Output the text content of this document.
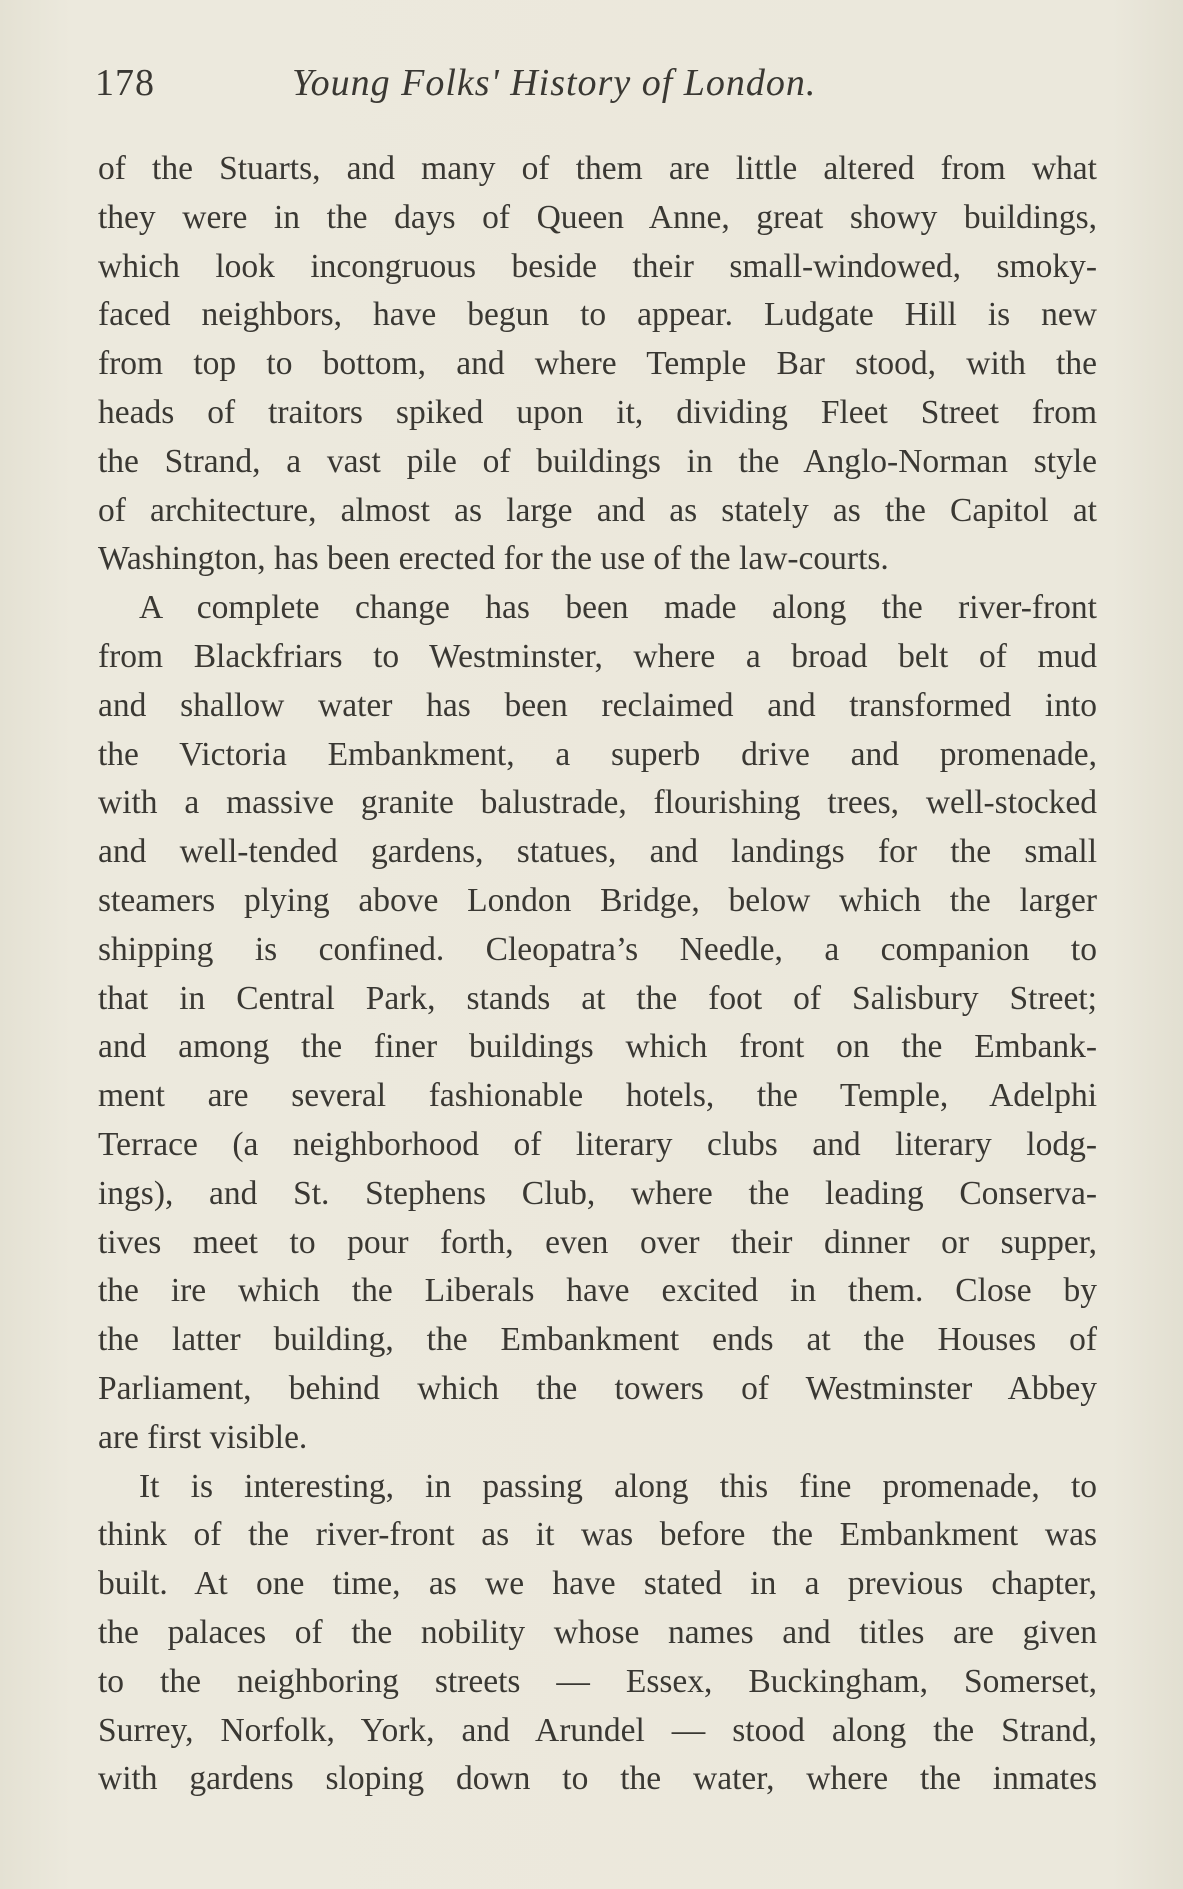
178	Young Folks' History of London.
of the Stuarts, and many of them are little altered from what
they were in the days of Queen Anne, great showy buildings,
which look incongruous beside their small-windowed, smoky-
faced neighbors, have begun to appear. Ludgate Hill is new
from top to bottom, and where Temple Bar stood, with the
heads of traitors spiked upon it, dividing Fleet Street from
the Strand, a vast pile of buildings in the Anglo-Norman style
of architecture, almost as large and as stately as the Capitol at
Washington, has been erected for the use of the law-courts.
A complete change has been made along the river-front
from Blackfriars to Westminster, where a broad belt of mud
and shallow water has been reclaimed and transformed into
the Victoria Embankment, a superb drive and promenade,
with a massive granite balustrade, flourishing trees, well-stocked
and well-tended gardens, statues, and landings for the small
steamers plying above London Bridge, below which the larger
shipping is confined. Cleopatra’s Needle, a companion to
that in Central Park, stands at the foot of Salisbury Street;
and among the finer buildings which front on the Embank-
ment are several fashionable hotels, the Temple, Adelphi
Terrace (a neighborhood of literary clubs and literary lodg-
ings), and St. Stephens Club, where the leading Conserva-
tives meet to pour forth, even over their dinner or supper,
the ire which the Liberals have excited in them. Close by
the latter building, the Embankment ends at the Houses of
Parliament, behind which the towers of Westminster Abbey
are first visible.
It is interesting, in passing along this fine promenade, to
think of the river-front as it was before the Embankment was
built. At one time, as we have stated in a previous chapter,
the palaces of the nobility whose names and titles are given
to the neighboring streets — Essex, Buckingham, Somerset,
Surrey, Norfolk, York, and Arundel — stood along the Strand,
with gardens sloping down to the water, where the inmates
